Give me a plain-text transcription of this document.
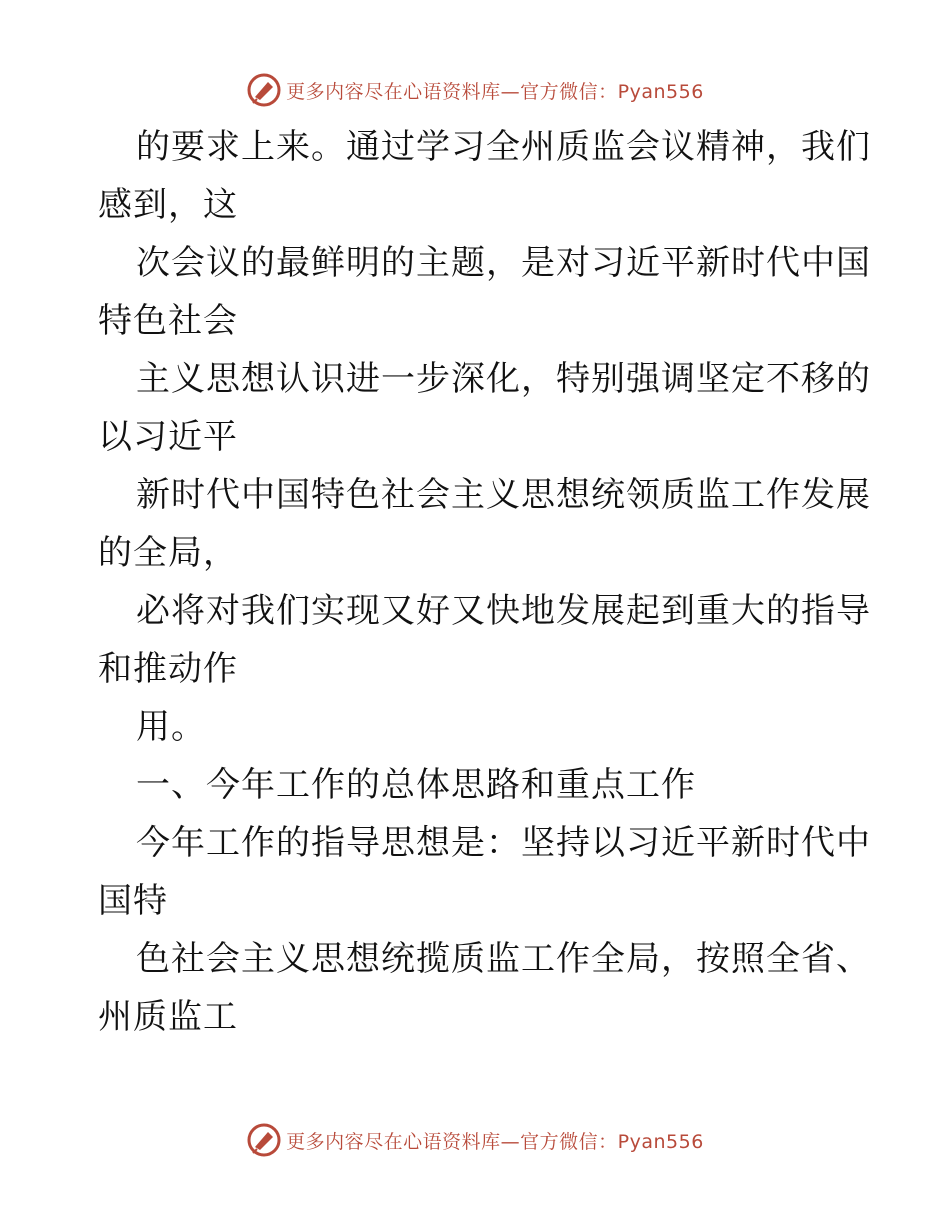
更多内容尽在心语资料库—官方微信：Pyan556
的要求上来。通过学习全州质监会议精神，我们
感到，这
次会议的最鲜明的主题，是对习近平新时代中国
特色社会
主义思想认识进一步深化，特别强调坚定不移的
以习近平
新时代中国特色社会主义思想统领质监工作发展
的全局，
必将对我们实现又好又快地发展起到重大的指导
和推动作
用。
一、今年工作的总体思路和重点工作
今年工作的指导思想是：坚持以习近平新时代中
国特
色社会主义思想统揽质监工作全局，按照全省、
州质监工
更多内容尽在心语资料库—官方微信：Pyan556
